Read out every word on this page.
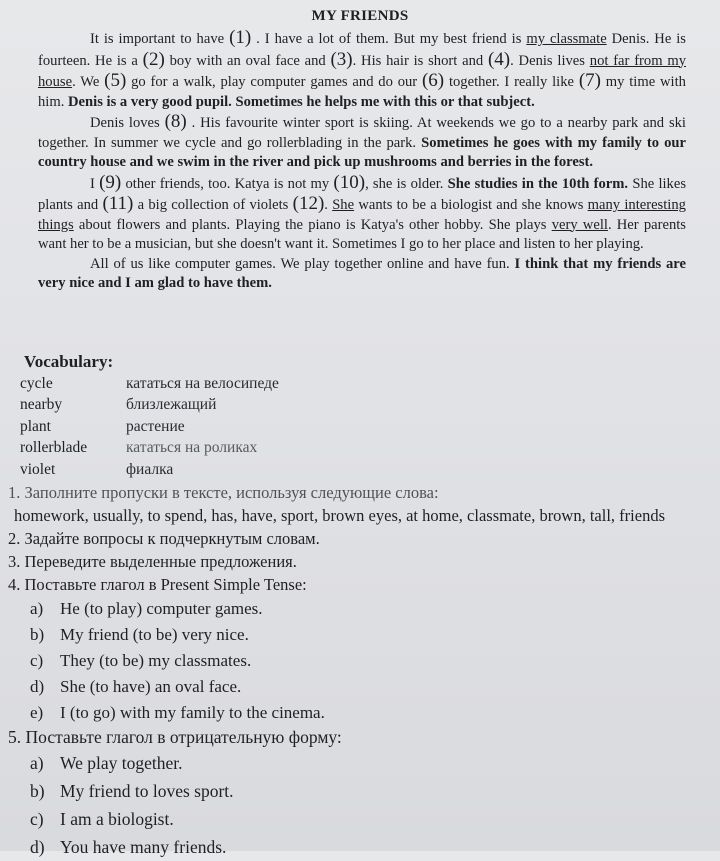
MY FRIENDS

It is important to have (1) . I have a lot of them. But my best friend is my classmate Denis. He is fourteen. He is a (2) boy with an oval face and (3). His hair is short and (4). Denis lives not far from my house. We (5) go for a walk, play computer games and do our (6) together. I really like (7) my time with him. Denis is a very good pupil. Sometimes he helps me with this or that subject.

Denis loves (8) . His favourite winter sport is skiing. At weekends we go to a nearby park and ski together. In summer we cycle and go rollerblading in the park. Sometimes he goes with my family to our country house and we swim in the river and pick up mushrooms and berries in the forest.

I (9) other friends, too. Katya is not my (10), she is older. She studies in the 10th form. She likes plants and (11) a big collection of violets (12). She wants to be a biologist and she knows many interesting things about flowers and plants. Playing the piano is Katya's other hobby. She plays very well. Her parents want her to be a musician, but she doesn't want it. Sometimes I go to her place and listen to her playing.

All of us like computer games. We play together online and have fun. I think that my friends are very nice and I am glad to have them.

Vocabulary:
cycle	кататься на велосипеде
nearby	близлежащий
plant	растение
rollerblade	кататься на роликах
violet	фиалка
1. Заполните пропуски в тексте, используя следующие слова:
homework, usually, to spend, has, have, sport, brown eyes, at home, classmate, brown, tall, friends
2. Задайте вопросы к подчеркнутым словам.
3. Переведите выделенные предложения.
4. Поставьте глагол в Present Simple Tense:
a) He (to play) computer games.
b) My friend (to be) very nice.
c) They (to be) my classmates.
d) She (to have) an oval face.
e) I (to go) with my family to the cinema.
5. Поставьте глагол в отрицательную форму:
a) We play together.
b) My friend to loves sport.
c) I am a biologist.
d) You have many friends.
